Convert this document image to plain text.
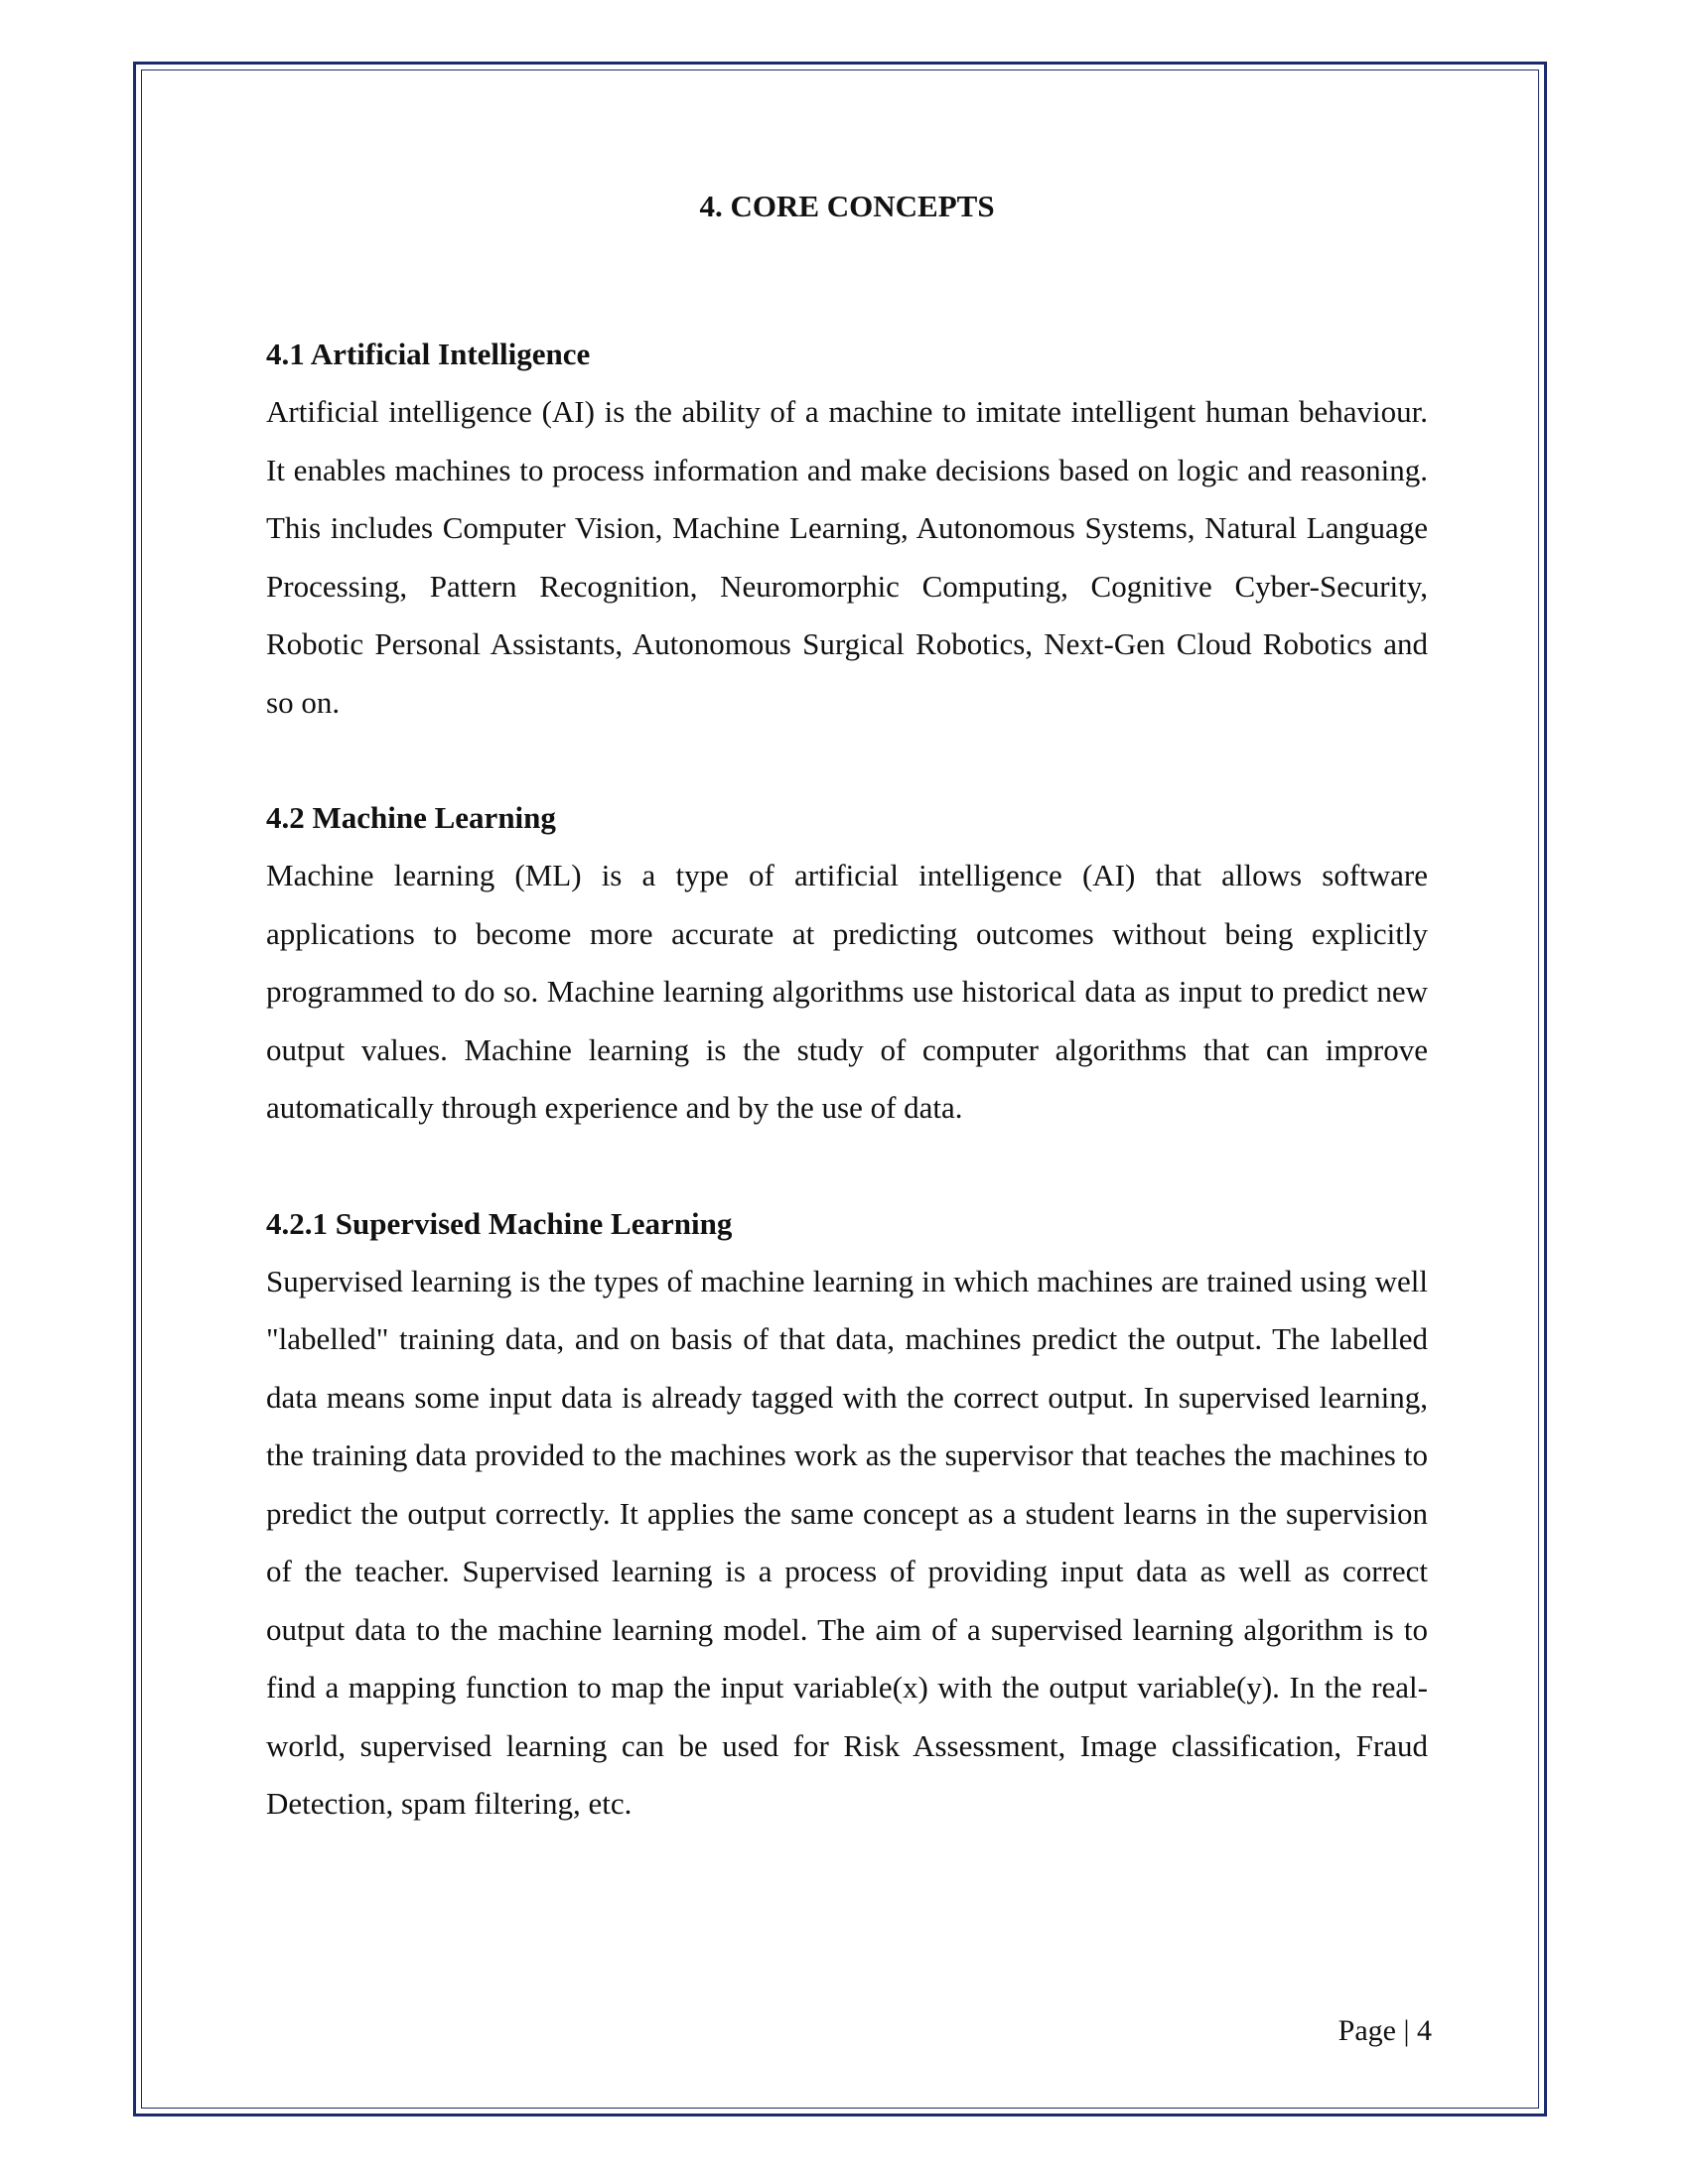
4. CORE CONCEPTS
4.1 Artificial Intelligence

Artificial intelligence (AI) is the ability of a machine to imitate intelligent human behaviour. It enables machines to process information and make decisions based on logic and reasoning. This includes Computer Vision, Machine Learning, Autonomous Systems, Natural Language Processing, Pattern Recognition, Neuromorphic Computing, Cognitive Cyber-Security, Robotic Personal Assistants, Autonomous Surgical Robotics, Next-Gen Cloud Robotics and so on.

4.2 Machine Learning

Machine learning (ML) is a type of artificial intelligence (AI) that allows software applications to become more accurate at predicting outcomes without being explicitly programmed to do so. Machine learning algorithms use historical data as input to predict new output values. Machine learning is the study of computer algorithms that can improve automatically through experience and by the use of data.

4.2.1 Supervised Machine Learning

Supervised learning is the types of machine learning in which machines are trained using well "labelled" training data, and on basis of that data, machines predict the output. The labelled data means some input data is already tagged with the correct output. In supervised learning, the training data provided to the machines work as the supervisor that teaches the machines to predict the output correctly. It applies the same concept as a student learns in the supervision of the teacher. Supervised learning is a process of providing input data as well as correct output data to the machine learning model. The aim of a supervised learning algorithm is to find a mapping function to map the input variable(x) with the output variable(y). In the real-world, supervised learning can be used for Risk Assessment, Image classification, Fraud Detection, spam filtering, etc.

Page | 4
